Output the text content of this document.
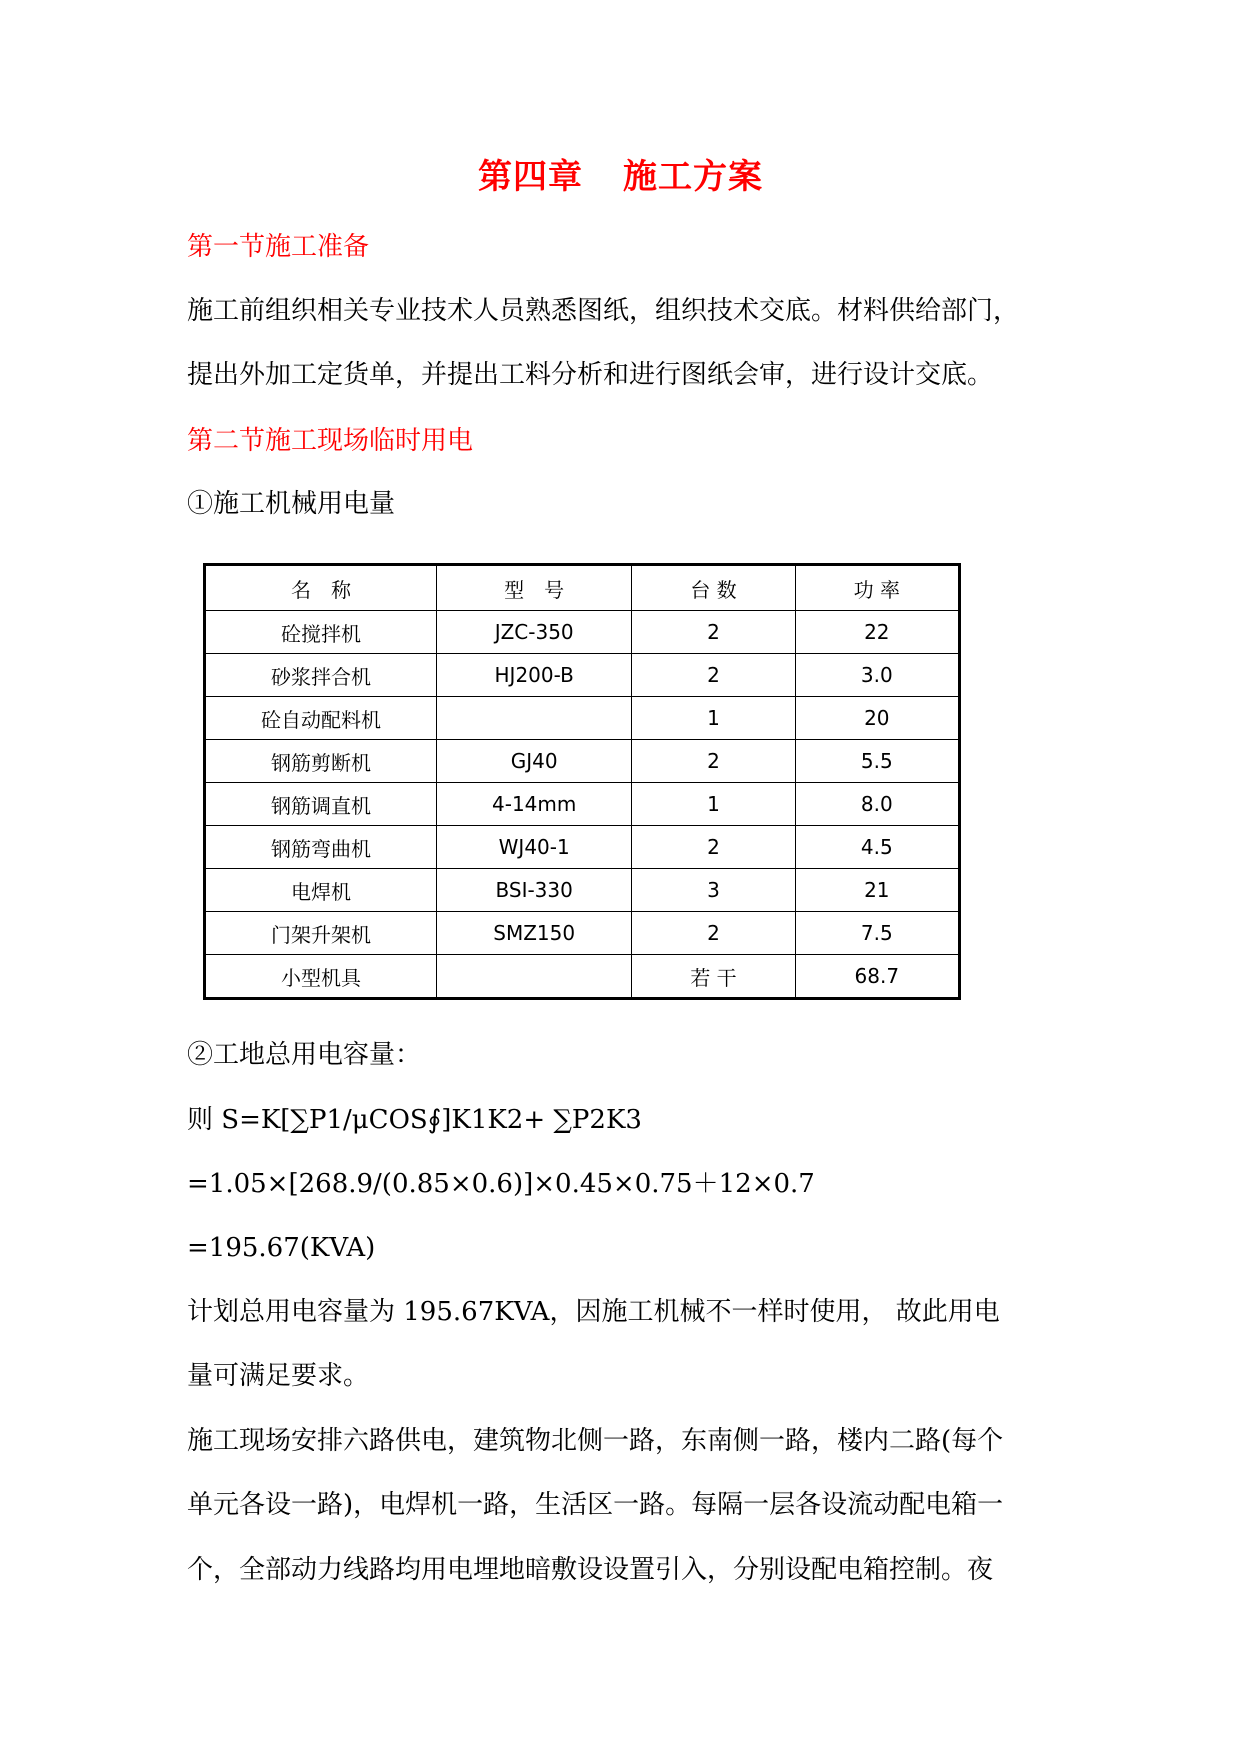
第四章 施工方案
第一节施工准备
施工前组织相关专业技术人员熟悉图纸，组织技术交底。材料供给部门，
提出外加工定货单，并提出工料分析和进行图纸会审，进行设计交底。
第二节施工现场临时用电
①施工机械用电量
名　称	型　号	台 数	功 率
砼搅拌机	JZC-350	2	22
砂浆拌合机	HJ200-B	2	3.0
砼自动配料机		1	20
钢筋剪断机	GJ40	2	5.5
钢筋调直机	4-14mm	1	8.0
钢筋弯曲机	WJ40-1	2	4.5
电焊机	BSI-330	3	21
门架升架机	SMZ150	2	7.5
小型机具		若 干	68.7
②工地总用电容量：
则 S=K[∑P1/μCOS∮]K1K2+ ∑P2K3
=1.05×[268.9/(0.85×0.6)]×0.45×0.75＋12×0.7
=195.67(KVA)
计划总用电容量为 195.67KVA，因施工机械不一样时使用， 故此用电
量可满足要求。
施工现场安排六路供电，建筑物北侧一路，东南侧一路，楼内二路(每个
单元各设一路)，电焊机一路，生活区一路。每隔一层各设流动配电箱一
个，全部动力线路均用电埋地暗敷设设置引入，分别设配电箱控制。夜
